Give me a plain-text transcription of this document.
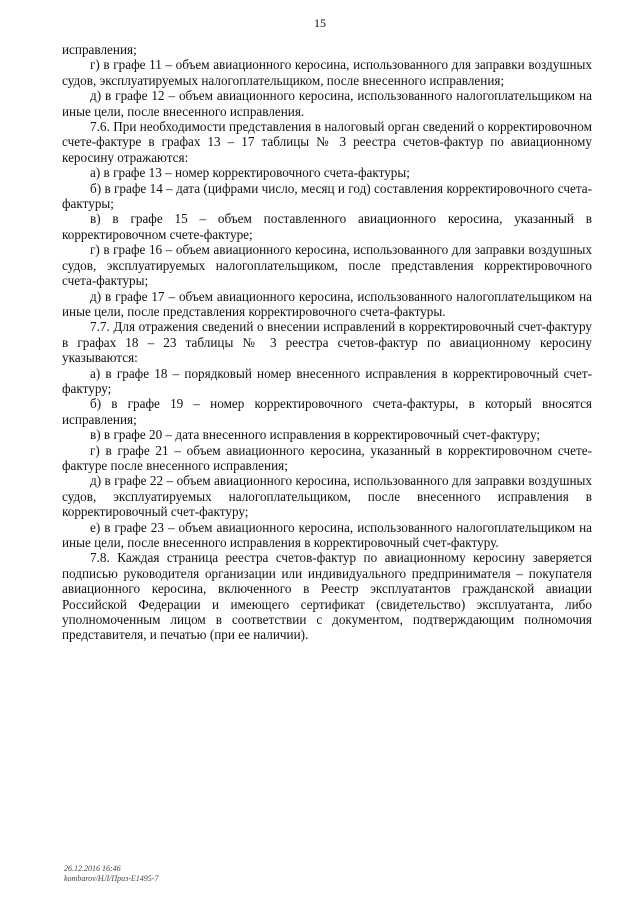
15

исправления;

г) в графе 11 – объем авиационного керосина, использованного для заправки воздушных судов, эксплуатируемых налогоплательщиком, после внесенного исправления;

д) в графе 12 – объем авиационного керосина, использованного налогоплательщиком на иные цели, после внесенного исправления.

7.6. При необходимости представления в налоговый орган сведений о корректировочном счете-фактуре в графах 13 – 17 таблицы № 3 реестра счетов-фактур по авиационному керосину отражаются:

а) в графе 13 – номер корректировочного счета-фактуры;

б) в графе 14 – дата (цифрами число, месяц и год) составления корректировочного счета-фактуры;

в) в графе 15 – объем поставленного авиационного керосина, указанный в корректировочном счете-фактуре;

г) в графе 16 – объем авиационного керосина, использованного для заправки воздушных судов, эксплуатируемых налогоплательщиком, после представления корректировочного счета-фактуры;

д) в графе 17 – объем авиационного керосина, использованного налогоплательщиком на иные цели, после представления корректировочного счета-фактуры.

7.7. Для отражения сведений о внесении исправлений в корректировочный счет-фактуру в графах 18 – 23 таблицы № 3 реестра счетов-фактур по авиационному керосину указываются:

а) в графе 18 – порядковый номер внесенного исправления в корректировочный счет-фактуру;

б) в графе 19 – номер корректировочного счета-фактуры, в который вносятся исправления;

в) в графе 20 – дата внесенного исправления в корректировочный счет-фактуру;

г) в графе 21 – объем авиационного керосина, указанный в корректировочном счете-фактуре после внесенного исправления;

д) в графе 22 – объем авиационного керосина, использованного для заправки воздушных судов, эксплуатируемых налогоплательщиком, после внесенного исправления в корректировочный счет-фактуру;

е) в графе 23 – объем авиационного керосина, использованного налогоплательщиком на иные цели, после внесенного исправления в корректировочный счет-фактуру.

7.8. Каждая страница реестра счетов-фактур по авиационному керосину заверяется подписью руководителя организации или индивидуального предпринимателя – покупателя авиационного керосина, включенного в Реестр эксплуатантов гражданской авиации Российской Федерации и имеющего сертификат (свидетельство) эксплуатанта, либо уполномоченным лицом в соответствии с документом, подтверждающим полномочия представителя, и печатью (при ее наличии).

26.12.2016 16:46
kombarov/НЛ/Приз-Е1495-7
